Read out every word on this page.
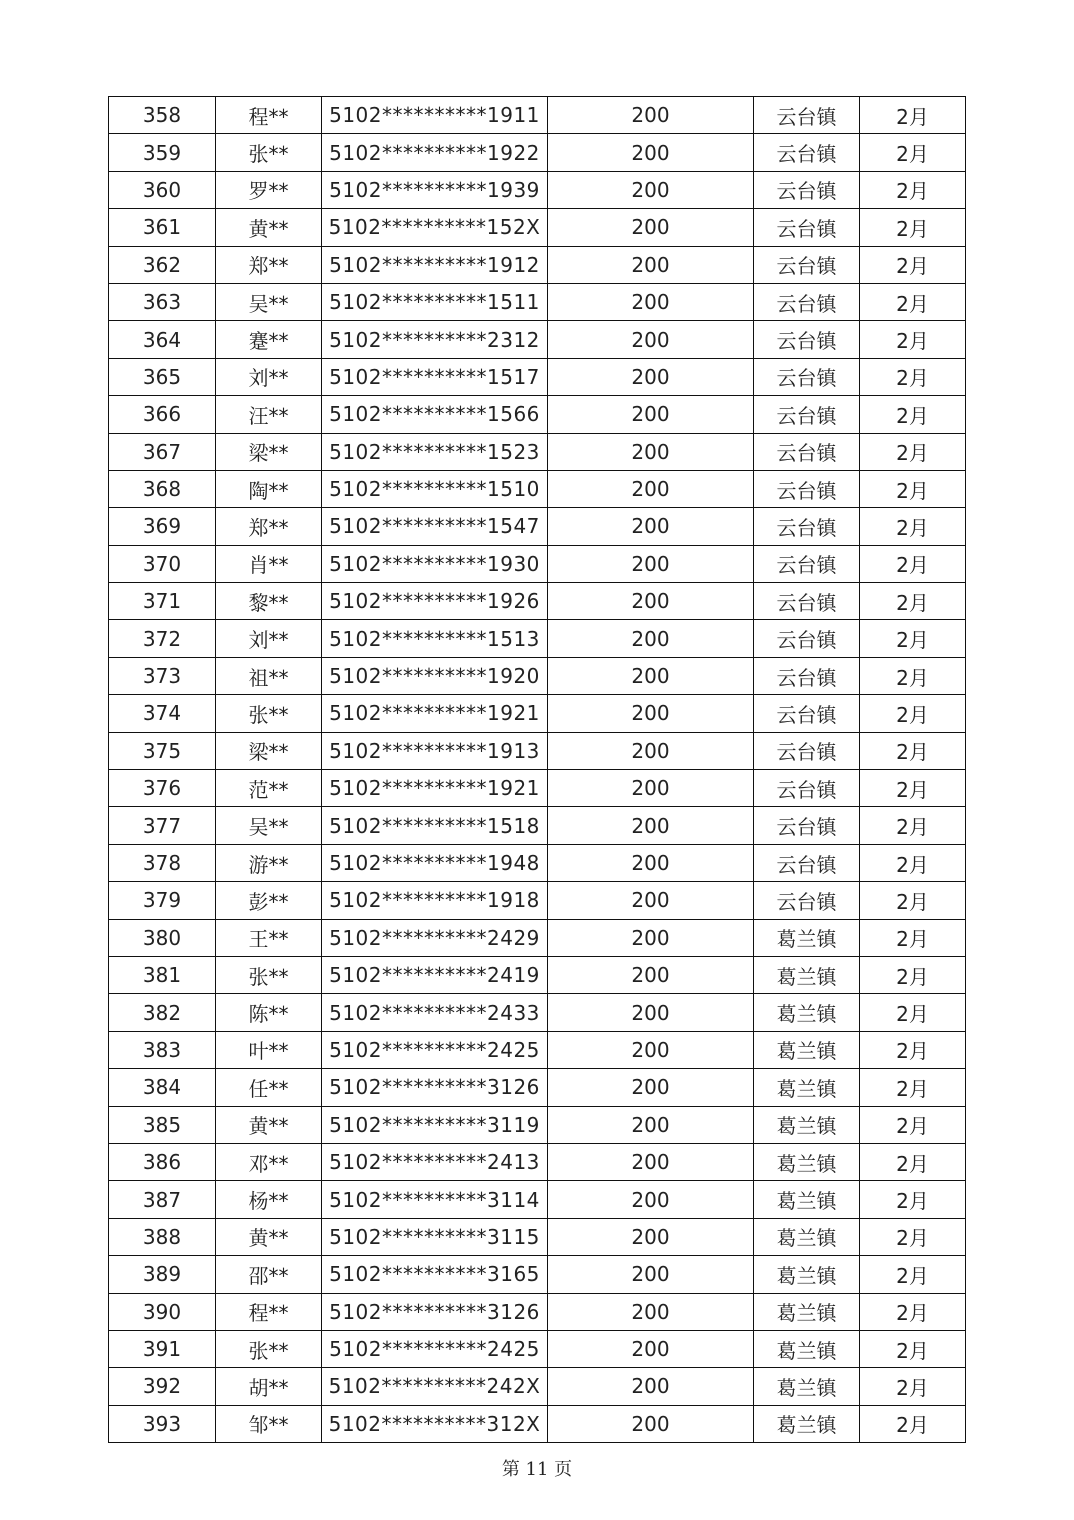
358	程**	5102**********1911	200	云台镇	2月
359	张**	5102**********1922	200	云台镇	2月
360	罗**	5102**********1939	200	云台镇	2月
361	黄**	5102**********152X	200	云台镇	2月
362	郑**	5102**********1912	200	云台镇	2月
363	吴**	5102**********1511	200	云台镇	2月
364	蹇**	5102**********2312	200	云台镇	2月
365	刘**	5102**********1517	200	云台镇	2月
366	汪**	5102**********1566	200	云台镇	2月
367	梁**	5102**********1523	200	云台镇	2月
368	陶**	5102**********1510	200	云台镇	2月
369	郑**	5102**********1547	200	云台镇	2月
370	肖**	5102**********1930	200	云台镇	2月
371	黎**	5102**********1926	200	云台镇	2月
372	刘**	5102**********1513	200	云台镇	2月
373	祖**	5102**********1920	200	云台镇	2月
374	张**	5102**********1921	200	云台镇	2月
375	梁**	5102**********1913	200	云台镇	2月
376	范**	5102**********1921	200	云台镇	2月
377	吴**	5102**********1518	200	云台镇	2月
378	游**	5102**********1948	200	云台镇	2月
379	彭**	5102**********1918	200	云台镇	2月
380	王**	5102**********2429	200	葛兰镇	2月
381	张**	5102**********2419	200	葛兰镇	2月
382	陈**	5102**********2433	200	葛兰镇	2月
383	叶**	5102**********2425	200	葛兰镇	2月
384	任**	5102**********3126	200	葛兰镇	2月
385	黄**	5102**********3119	200	葛兰镇	2月
386	邓**	5102**********2413	200	葛兰镇	2月
387	杨**	5102**********3114	200	葛兰镇	2月
388	黄**	5102**********3115	200	葛兰镇	2月
389	邵**	5102**********3165	200	葛兰镇	2月
390	程**	5102**********3126	200	葛兰镇	2月
391	张**	5102**********2425	200	葛兰镇	2月
392	胡**	5102**********242X	200	葛兰镇	2月
393	邹**	5102**********312X	200	葛兰镇	2月
第 11 页
